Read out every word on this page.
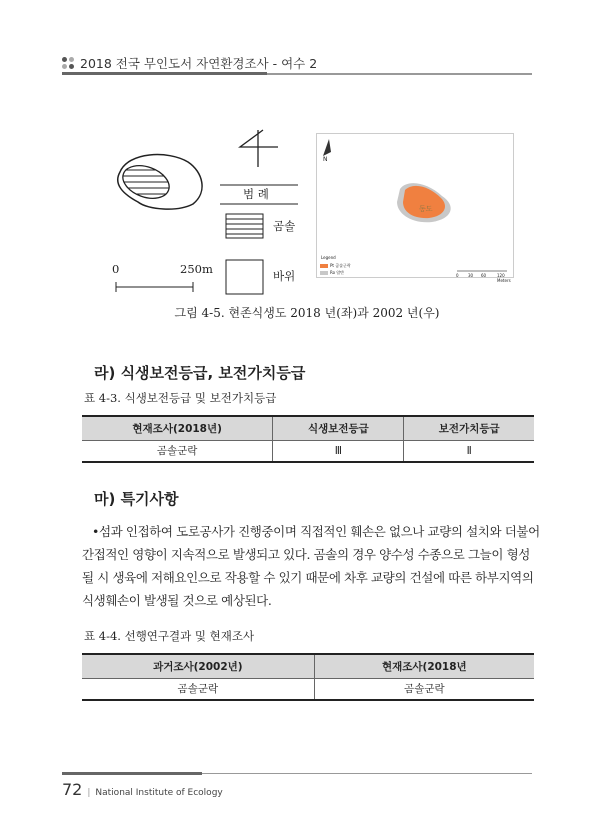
2018 전국 무인도서 자연환경조사 - 여수 2
범 례
곰솔
바위
0	250m
N
동도
Legend
Pt 곰솔군락
Ro 암반
0 30 60	120 Meters
그림 4-5. 현존식생도 2018 년(좌)과 2002 년(우)
라) 식생보전등급, 보전가치등급
표 4-3. 식생보전등급 및 보전가치등급
현재조사(2018년)	식생보전등급	보전가치등급
곰솔군락	Ⅲ	Ⅱ
마) 특기사항

•섬과 인접하여 도로공사가 진행중이며 직접적인 훼손은 없으나 교량의 설치와 더불어 간접적인 영향이 지속적으로 발생되고 있다. 곰솔의 경우 양수성 수종으로 그늘이 형성될 시 생육에 저해요인으로 작용할 수 있기 때문에 차후 교량의 건설에 따른 하부지역의 식생훼손이 발생될 것으로 예상된다.

표 4-4. 선행연구결과 및 현재조사
과거조사(2002년)	현재조사(2018년
곰솔군락	곰솔군락
72 | National Institute of Ecology
